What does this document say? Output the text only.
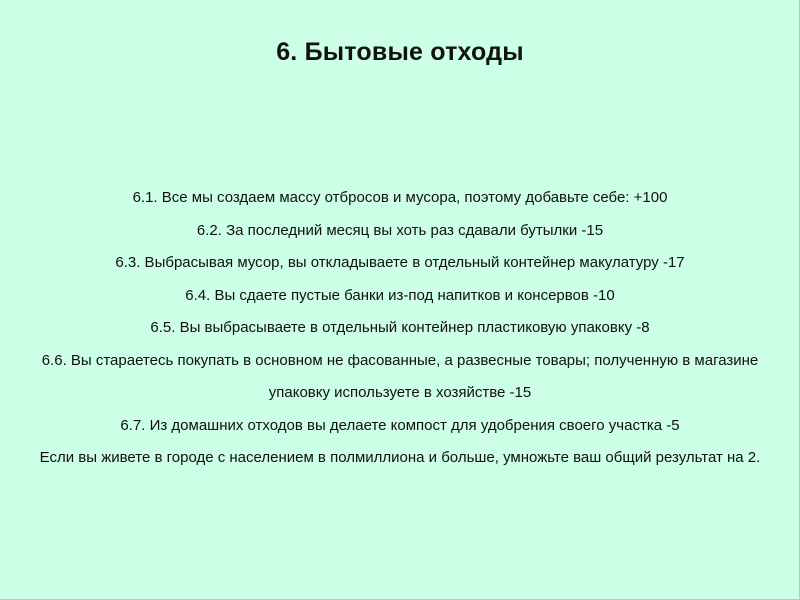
6. Бытовые отходы
6.1. Все мы создаем массу отбросов и мусора, поэтому добавьте себе: +100
6.2. За последний месяц вы хоть раз сдавали бутылки -15
6.3. Выбрасывая мусор, вы откладываете в отдельный контейнер макулатуру -17
6.4. Вы сдаете пустые банки из-под напитков и консервов -10
6.5. Вы выбрасываете в отдельный контейнер пластиковую упаковку -8
6.6. Вы стараетесь покупать в основном не фасованные, а развесные товары; полученную в магазине упаковку используете в хозяйстве -15
6.7. Из домашних отходов вы делаете компост для удобрения своего участка -5
Если вы живете в городе с населением в полмиллиона и больше, умножьте ваш общий результат на 2.
